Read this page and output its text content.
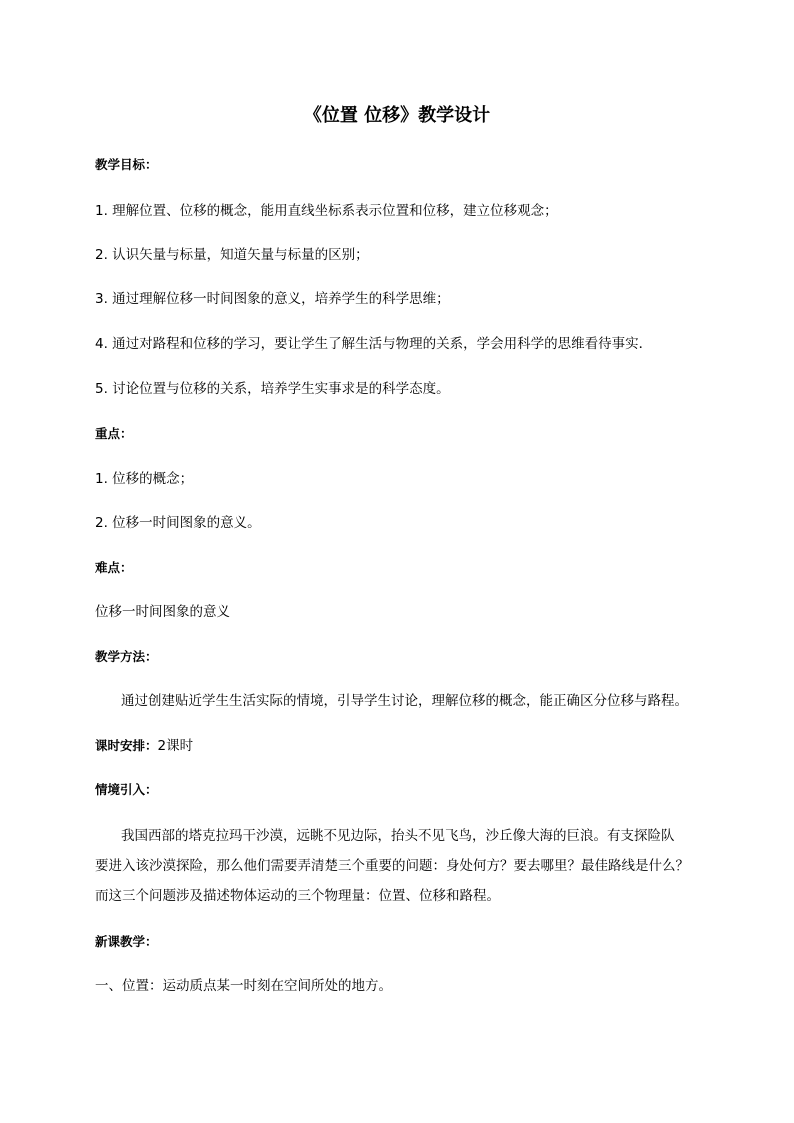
《位置 位移》教学设计
教学目标：
1. 理解位置、位移的概念，能用直线坐标系表示位置和位移，建立位移观念；
2. 认识矢量与标量，知道矢量与标量的区别；
3. 通过理解位移一时间图象的意义，培养学生的科学思维；
4. 通过对路程和位移的学习，要让学生了解生活与物理的关系，学会用科学的思维看待事实．
5. 讨论位置与位移的关系，培养学生实事求是的科学态度。
重点：
1. 位移的概念；
2. 位移一时间图象的意义。
难点：
位移一时间图象的意义
教学方法：
通过创建贴近学生生活实际的情境，引导学生讨论，理解位移的概念，能正确区分位移与路程。
课时安排：2课时
情境引入：
我国西部的塔克拉玛干沙漠，远眺不见边际，抬头不见飞鸟，沙丘像大海的巨浪。有支探险队
要进入该沙漠探险，那么他们需要弄清楚三个重要的问题：身处何方？要去哪里？最佳路线是什么？
而这三个问题涉及描述物体运动的三个物理量：位置、位移和路程。
新课教学：
一、位置：运动质点某一时刻在空间所处的地方。
